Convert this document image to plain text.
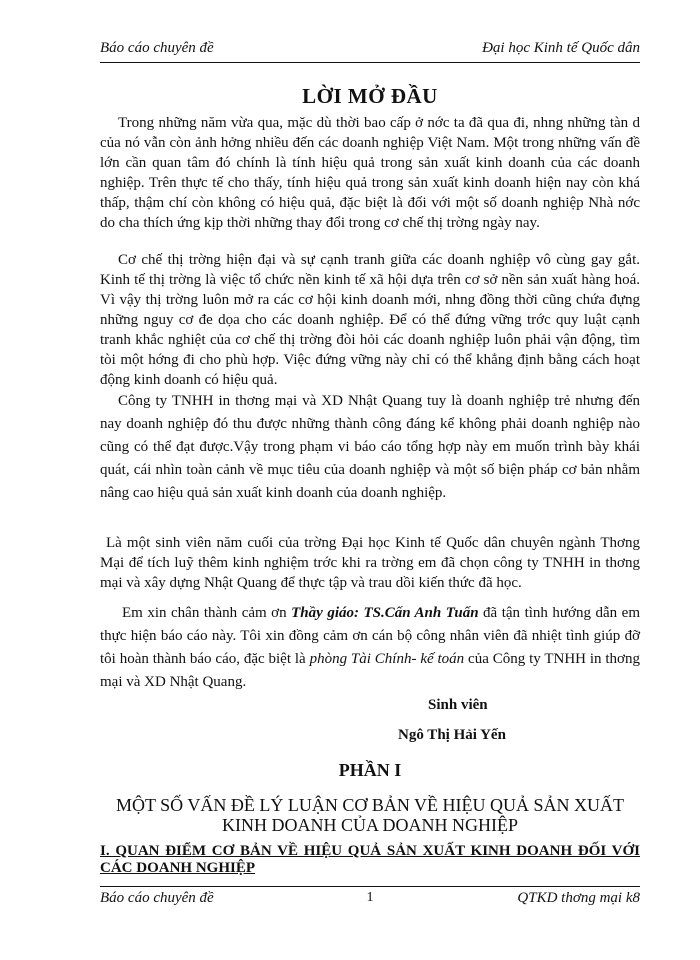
Báo cáo chuyên đề	Đại học Kinh tế Quốc dân
LỜI MỞ ĐẦU

Trong những năm vừa qua, mặc dù thời bao cấp ở nớc ta đã qua đi, nhng những tàn d của nó vẫn còn ảnh hởng nhiều đến các doanh nghiệp Việt Nam. Một trong những vấn đề lớn cần quan tâm đó chính là tính hiệu quả trong sản xuất kinh doanh của các doanh nghiệp. Trên thực tế cho thấy, tính hiệu quả trong sản xuất kinh doanh hiện nay còn khá thấp, thậm chí còn không có hiệu quả, đặc biệt là đối với một số doanh nghiệp Nhà nớc do cha thích ứng kịp thời những thay đổi trong cơ chế thị trờng ngày nay.

Cơ chế thị trờng hiện đại và sự cạnh tranh giữa các doanh nghiệp vô cùng gay gắt. Kinh tế thị trờng là việc tổ chức nền kinh tế xã hội dựa trên cơ sở nền sản xuất hàng hoá. Vì vậy thị trờng luôn mở ra các cơ hội kinh doanh mới, nhng đồng thời cũng chứa đựng những nguy cơ đe dọa cho các doanh nghiệp. Để có thể đứng vững trớc quy luật cạnh tranh khắc nghiệt của cơ chế thị trờng đòi hỏi các doanh nghiệp luôn phải vận động, tìm tòi một hớng đi cho phù hợp. Việc đứng vững này chỉ có thể khẳng định bằng cách hoạt động kinh doanh có hiệu quả.

Công ty TNHH in thơng mại và XD Nhật Quang tuy là doanh nghiệp trẻ nhưng đến nay doanh nghiệp đó thu được những thành công đáng kể không phải doanh nghiệp nào cũng có thể đạt được.Vậy trong phạm vi báo cáo tổng hợp này em muốn trình bày khái quát, cái nhìn toàn cảnh về mục tiêu của doanh nghiệp và một số biện pháp cơ bản nhằm nâng cao hiệu quả sản xuất kinh doanh của doanh nghiệp.

Là một sinh viên năm cuối của trờng Đại học Kinh tế Quốc dân chuyên ngành Thơng Mại để tích luỹ thêm kinh nghiệm trớc khi ra trờng em đã chọn công ty TNHH in thơng mại và xây dựng Nhật Quang để thực tập và trau dồi kiến thức đã học.

Em xin chân thành cảm ơn Thầy giáo: TS.Cấn Anh Tuấn đã tận tình hướng dẫn em thực hiện báo cáo này. Tôi xin đồng cảm ơn cán bộ công nhân viên đã nhiệt tình giúp đỡ tôi hoàn thành báo cáo, đặc biệt là phòng Tài Chính- kế toán của Công ty TNHH in thơng mại và XD Nhật Quang.

Sinh viên
Ngô Thị Hải Yến
PHẦN I
MỘT SỐ VẤN ĐỀ LÝ LUẬN CƠ BẢN VỀ HIỆU QUẢ SẢN XUẤT KINH DOANH CỦA DOANH NGHIỆP
I. QUAN ĐIỂM CƠ BẢN VỀ HIỆU QUẢ SẢN XUẤT KINH DOANH ĐỐI VỚI CÁC DOANH NGHIỆP
Báo cáo chuyên đề	1	QTKD thơng mại k8
